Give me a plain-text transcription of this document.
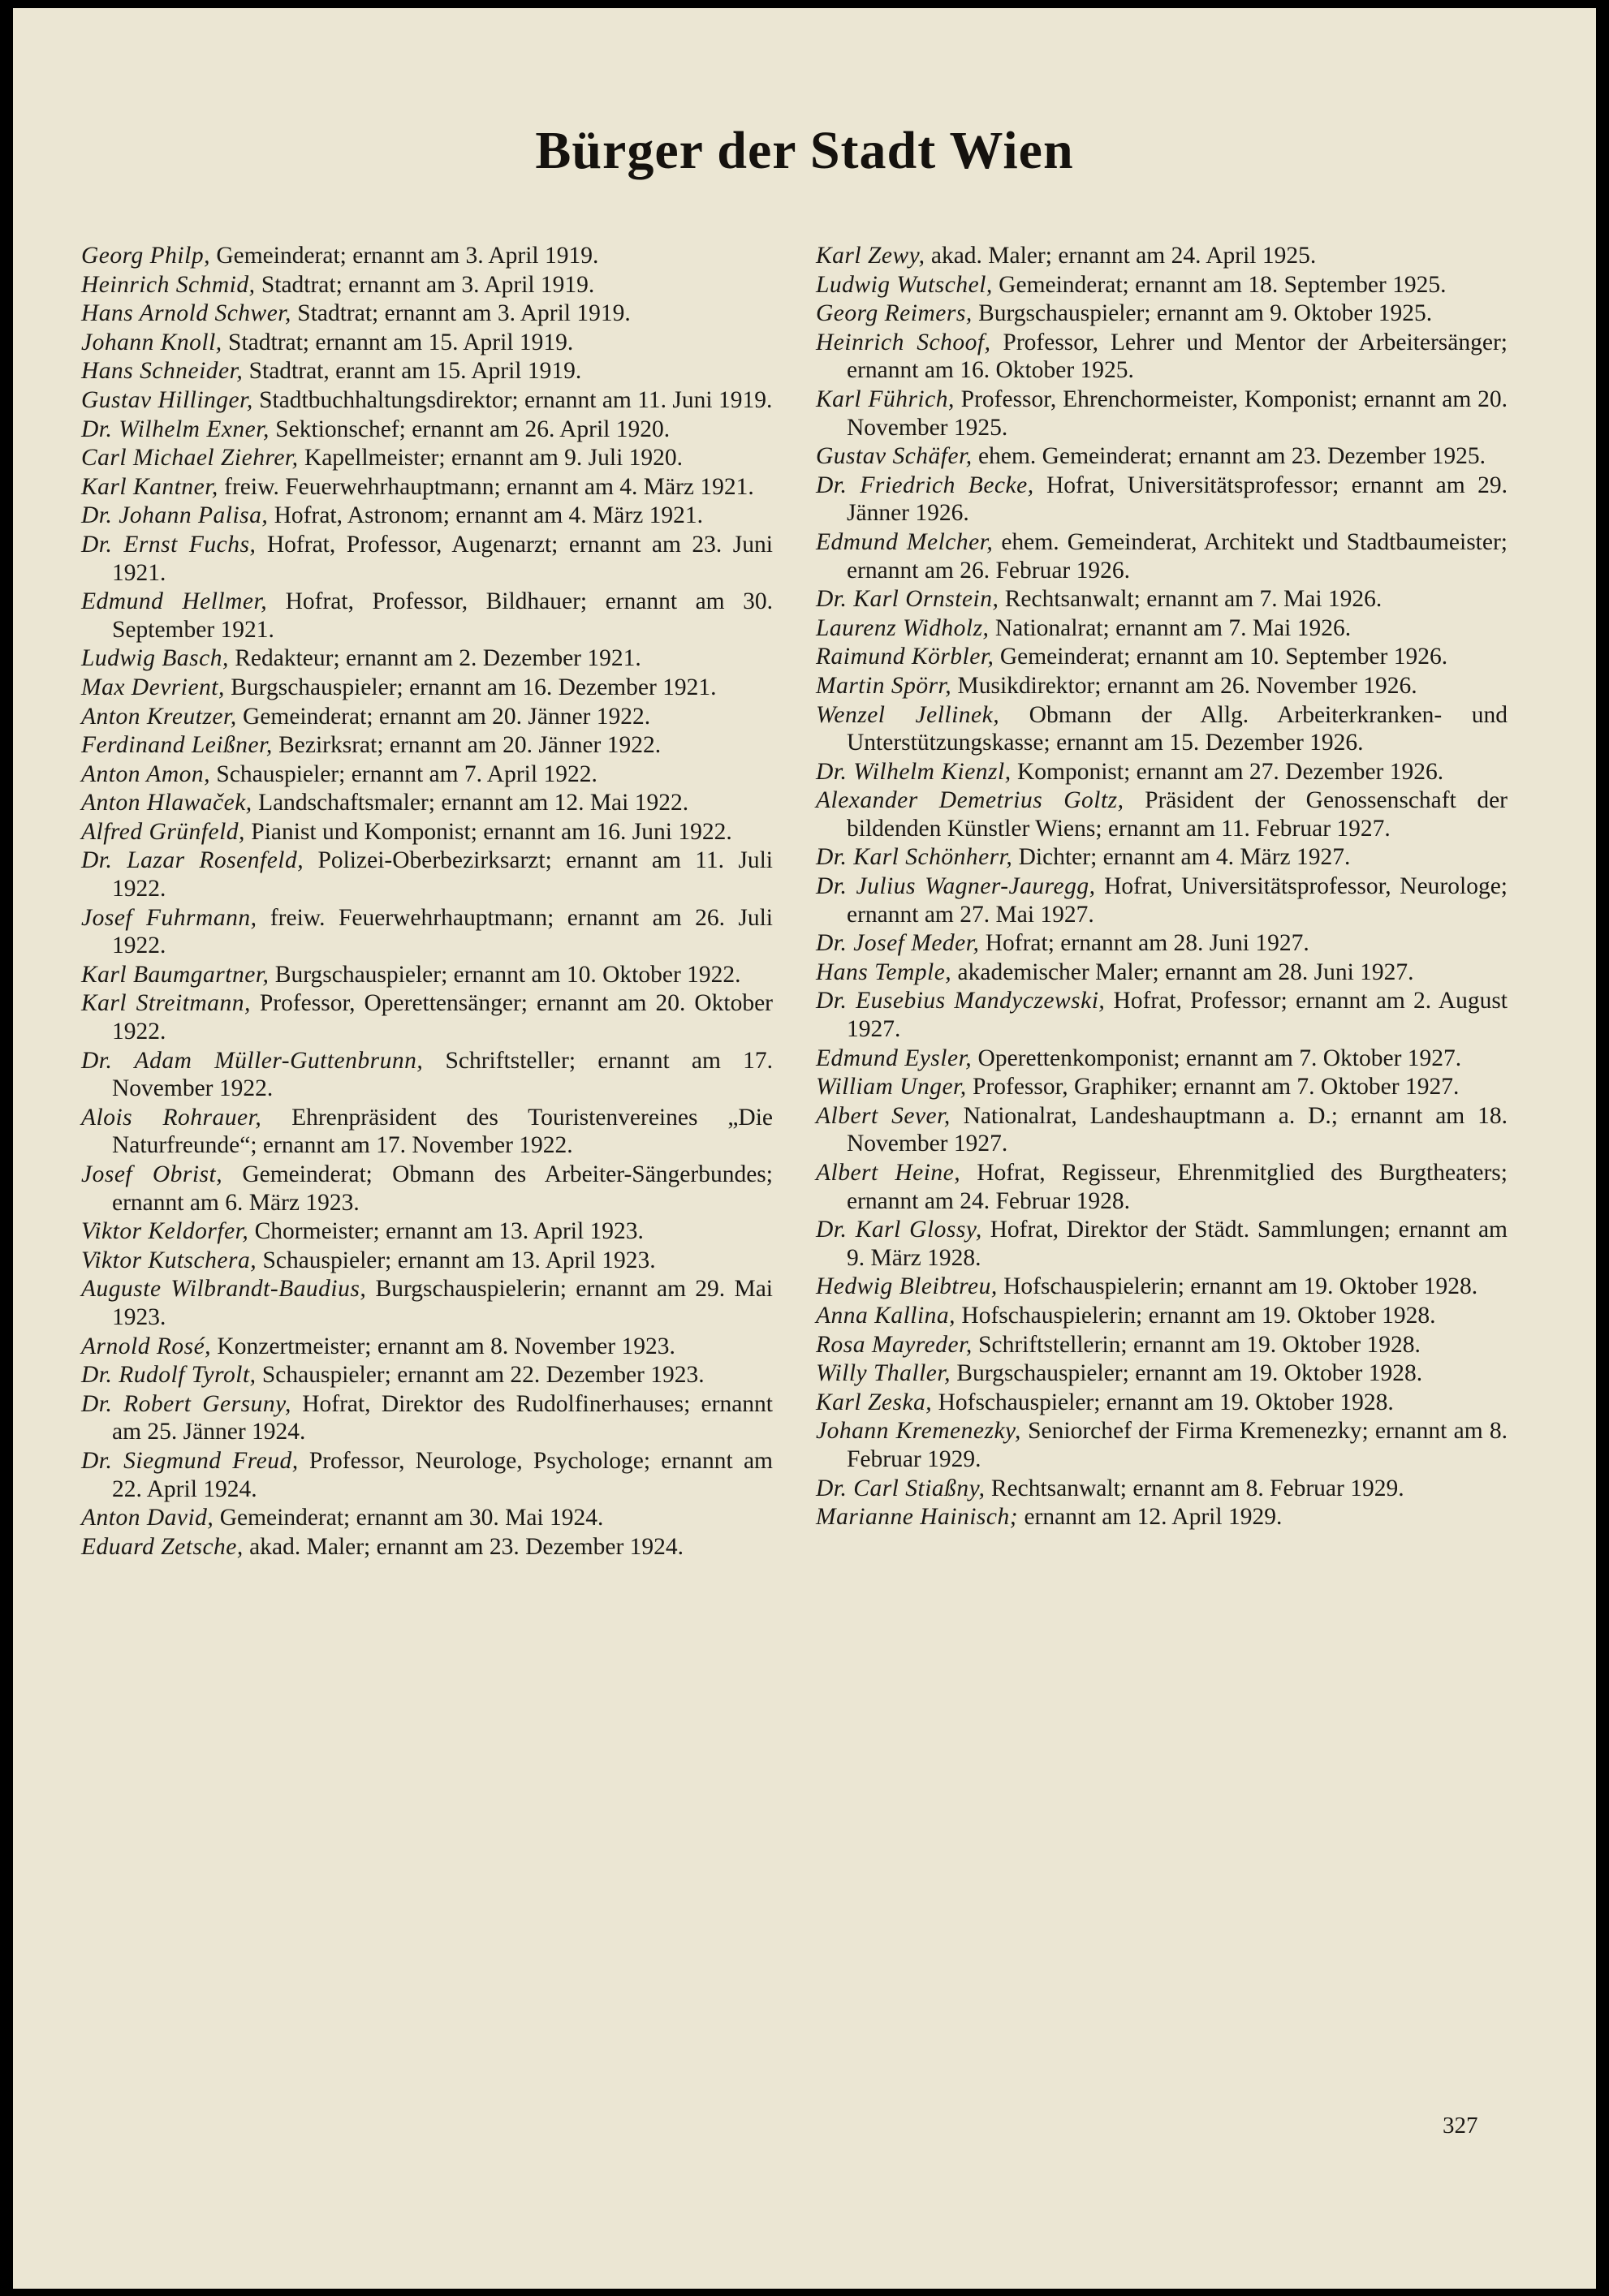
Bürger der Stadt Wien

Georg Philp, Gemeinderat; ernannt am 3. April 1919.

Heinrich Schmid, Stadtrat; ernannt am 3. April 1919.

Hans Arnold Schwer, Stadtrat; ernannt am 3. April 1919.

Johann Knoll, Stadtrat; ernannt am 15. April 1919.

Hans Schneider, Stadtrat, erannt am 15. April 1919.

Gustav Hillinger, Stadtbuchhaltungsdirektor; ernannt am 11. Juni 1919.

Dr. Wilhelm Exner, Sektionschef; ernannt am 26. April 1920.

Carl Michael Ziehrer, Kapellmeister; ernannt am 9. Juli 1920.

Karl Kantner, freiw. Feuerwehrhauptmann; ernannt am 4. März 1921.

Dr. Johann Palisa, Hofrat, Astronom; ernannt am 4. März 1921.

Dr. Ernst Fuchs, Hofrat, Professor, Augenarzt; ernannt am 23. Juni 1921.

Edmund Hellmer, Hofrat, Professor, Bildhauer; ernannt am 30. September 1921.

Ludwig Basch, Redakteur; ernannt am 2. Dezember 1921.

Max Devrient, Burgschauspieler; ernannt am 16. Dezember 1921.

Anton Kreutzer, Gemeinderat; ernannt am 20. Jänner 1922.

Ferdinand Leißner, Bezirksrat; ernannt am 20. Jänner 1922.

Anton Amon, Schauspieler; ernannt am 7. April 1922.

Anton Hlawaček, Landschaftsmaler; ernannt am 12. Mai 1922.

Alfred Grünfeld, Pianist und Komponist; ernannt am 16. Juni 1922.

Dr. Lazar Rosenfeld, Polizei-Oberbezirksarzt; ernannt am 11. Juli 1922.

Josef Fuhrmann, freiw. Feuerwehrhauptmann; ernannt am 26. Juli 1922.

Karl Baumgartner, Burgschauspieler; ernannt am 10. Oktober 1922.

Karl Streitmann, Professor, Operettensänger; ernannt am 20. Oktober 1922.

Dr. Adam Müller-Guttenbrunn, Schriftsteller; ernannt am 17. November 1922.

Alois Rohrauer, Ehrenpräsident des Touristenvereines „Die Naturfreunde“; ernannt am 17. November 1922.

Josef Obrist, Gemeinderat; Obmann des Arbeiter-Sängerbundes; ernannt am 6. März 1923.

Viktor Keldorfer, Chormeister; ernannt am 13. April 1923.

Viktor Kutschera, Schauspieler; ernannt am 13. April 1923.

Auguste Wilbrandt-Baudius, Burgschauspielerin; ernannt am 29. Mai 1923.

Arnold Rosé, Konzertmeister; ernannt am 8. November 1923.

Dr. Rudolf Tyrolt, Schauspieler; ernannt am 22. Dezember 1923.

Dr. Robert Gersuny, Hofrat, Direktor des Rudolfinerhauses; ernannt am 25. Jänner 1924.

Dr. Siegmund Freud, Professor, Neurologe, Psychologe; ernannt am 22. April 1924.

Anton David, Gemeinderat; ernannt am 30. Mai 1924.

Eduard Zetsche, akad. Maler; ernannt am 23. Dezember 1924.

Karl Zewy, akad. Maler; ernannt am 24. April 1925.

Ludwig Wutschel, Gemeinderat; ernannt am 18. September 1925.

Georg Reimers, Burgschauspieler; ernannt am 9. Oktober 1925.

Heinrich Schoof, Professor, Lehrer und Mentor der Arbeitersänger; ernannt am 16. Oktober 1925.

Karl Führich, Professor, Ehrenchormeister, Komponist; ernannt am 20. November 1925.

Gustav Schäfer, ehem. Gemeinderat; ernannt am 23. Dezember 1925.

Dr. Friedrich Becke, Hofrat, Universitätsprofessor; ernannt am 29. Jänner 1926.

Edmund Melcher, ehem. Gemeinderat, Architekt und Stadtbaumeister; ernannt am 26. Februar 1926.

Dr. Karl Ornstein, Rechtsanwalt; ernannt am 7. Mai 1926.

Laurenz Widholz, Nationalrat; ernannt am 7. Mai 1926.

Raimund Körbler, Gemeinderat; ernannt am 10. September 1926.

Martin Spörr, Musikdirektor; ernannt am 26. November 1926.

Wenzel Jellinek, Obmann der Allg. Arbeiterkranken- und Unterstützungskasse; ernannt am 15. Dezember 1926.

Dr. Wilhelm Kienzl, Komponist; ernannt am 27. Dezember 1926.

Alexander Demetrius Goltz, Präsident der Genossenschaft der bildenden Künstler Wiens; ernannt am 11. Februar 1927.

Dr. Karl Schönherr, Dichter; ernannt am 4. März 1927.

Dr. Julius Wagner-Jauregg, Hofrat, Universitätsprofessor, Neurologe; ernannt am 27. Mai 1927.

Dr. Josef Meder, Hofrat; ernannt am 28. Juni 1927.

Hans Temple, akademischer Maler; ernannt am 28. Juni 1927.

Dr. Eusebius Mandyczewski, Hofrat, Professor; ernannt am 2. August 1927.

Edmund Eysler, Operettenkomponist; ernannt am 7. Oktober 1927.

William Unger, Professor, Graphiker; ernannt am 7. Oktober 1927.

Albert Sever, Nationalrat, Landeshauptmann a. D.; ernannt am 18. November 1927.

Albert Heine, Hofrat, Regisseur, Ehrenmitglied des Burgtheaters; ernannt am 24. Februar 1928.

Dr. Karl Glossy, Hofrat, Direktor der Städt. Sammlungen; ernannt am 9. März 1928.

Hedwig Bleibtreu, Hofschauspielerin; ernannt am 19. Oktober 1928.

Anna Kallina, Hofschauspielerin; ernannt am 19. Oktober 1928.

Rosa Mayreder, Schriftstellerin; ernannt am 19. Oktober 1928.

Willy Thaller, Burgschauspieler; ernannt am 19. Oktober 1928.

Karl Zeska, Hofschauspieler; ernannt am 19. Oktober 1928.

Johann Kremenezky, Seniorchef der Firma Kremenezky; ernannt am 8. Februar 1929.

Dr. Carl Stiaßny, Rechtsanwalt; ernannt am 8. Februar 1929.

Marianne Hainisch; ernannt am 12. April 1929.

327
